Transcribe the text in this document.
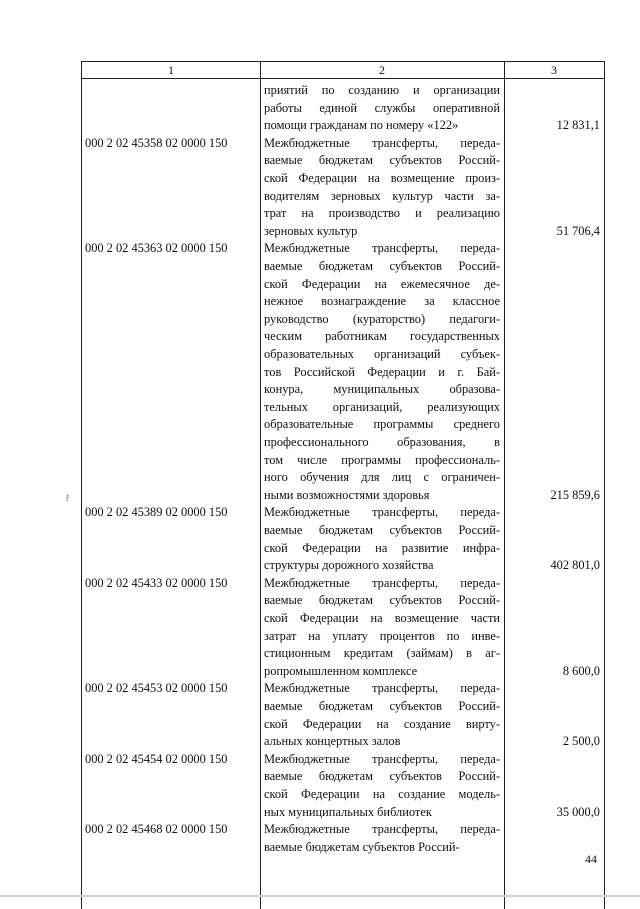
1	2	3
приятий по созданию и организации
работы единой службы оперативной
помощи гражданам по номеру «122»	12 831,1
000 2 02 45358 02 0000 150	Межбюджетные трансферты, переда-
ваемые бюджетам субъектов Россий-
ской Федерации на возмещение произ-
водителям зерновых культур части за-
трат на производство и реализацию
зерновых культур	51 706,4
000 2 02 45363 02 0000 150	Межбюджетные трансферты, переда-
ваемые бюджетам субъектов Россий-
ской Федерации на ежемесячное де-
нежное вознаграждение за классное
руководство (кураторство) педагоги-
ческим работникам государственных
образовательных организаций субъек-
тов Российской Федерации и г. Бай-
конура, муниципальных образова-
тельных организаций, реализующих
образовательные программы среднего
профессионального образования, в
том числе программы профессиональ-
ного обучения для лиц с ограничен-
ными возможностями здоровья	215 859,6
000 2 02 45389 02 0000 150	Межбюджетные трансферты, переда-
ваемые бюджетам субъектов Россий-
ской Федерации на развитие инфра-
структуры дорожного хозяйства	402 801,0
000 2 02 45433 02 0000 150	Межбюджетные трансферты, переда-
ваемые бюджетам субъектов Россий-
ской Федерации на возмещение части
затрат на уплату процентов по инве-
стиционным кредитам (займам) в аг-
ропромышленном комплексе	8 600,0
000 2 02 45453 02 0000 150	Межбюджетные трансферты, переда-
ваемые бюджетам субъектов Россий-
ской Федерации на создание вирту-
альных концертных залов	2 500,0
000 2 02 45454 02 0000 150	Межбюджетные трансферты, переда-
ваемые бюджетам субъектов Россий-
ской Федерации на создание модель-
ных муниципальных библиотек	35 000,0
000 2 02 45468 02 0000 150	Межбюджетные трансферты, переда-
ваемые бюджетам субъектов Россий-
ř
44
